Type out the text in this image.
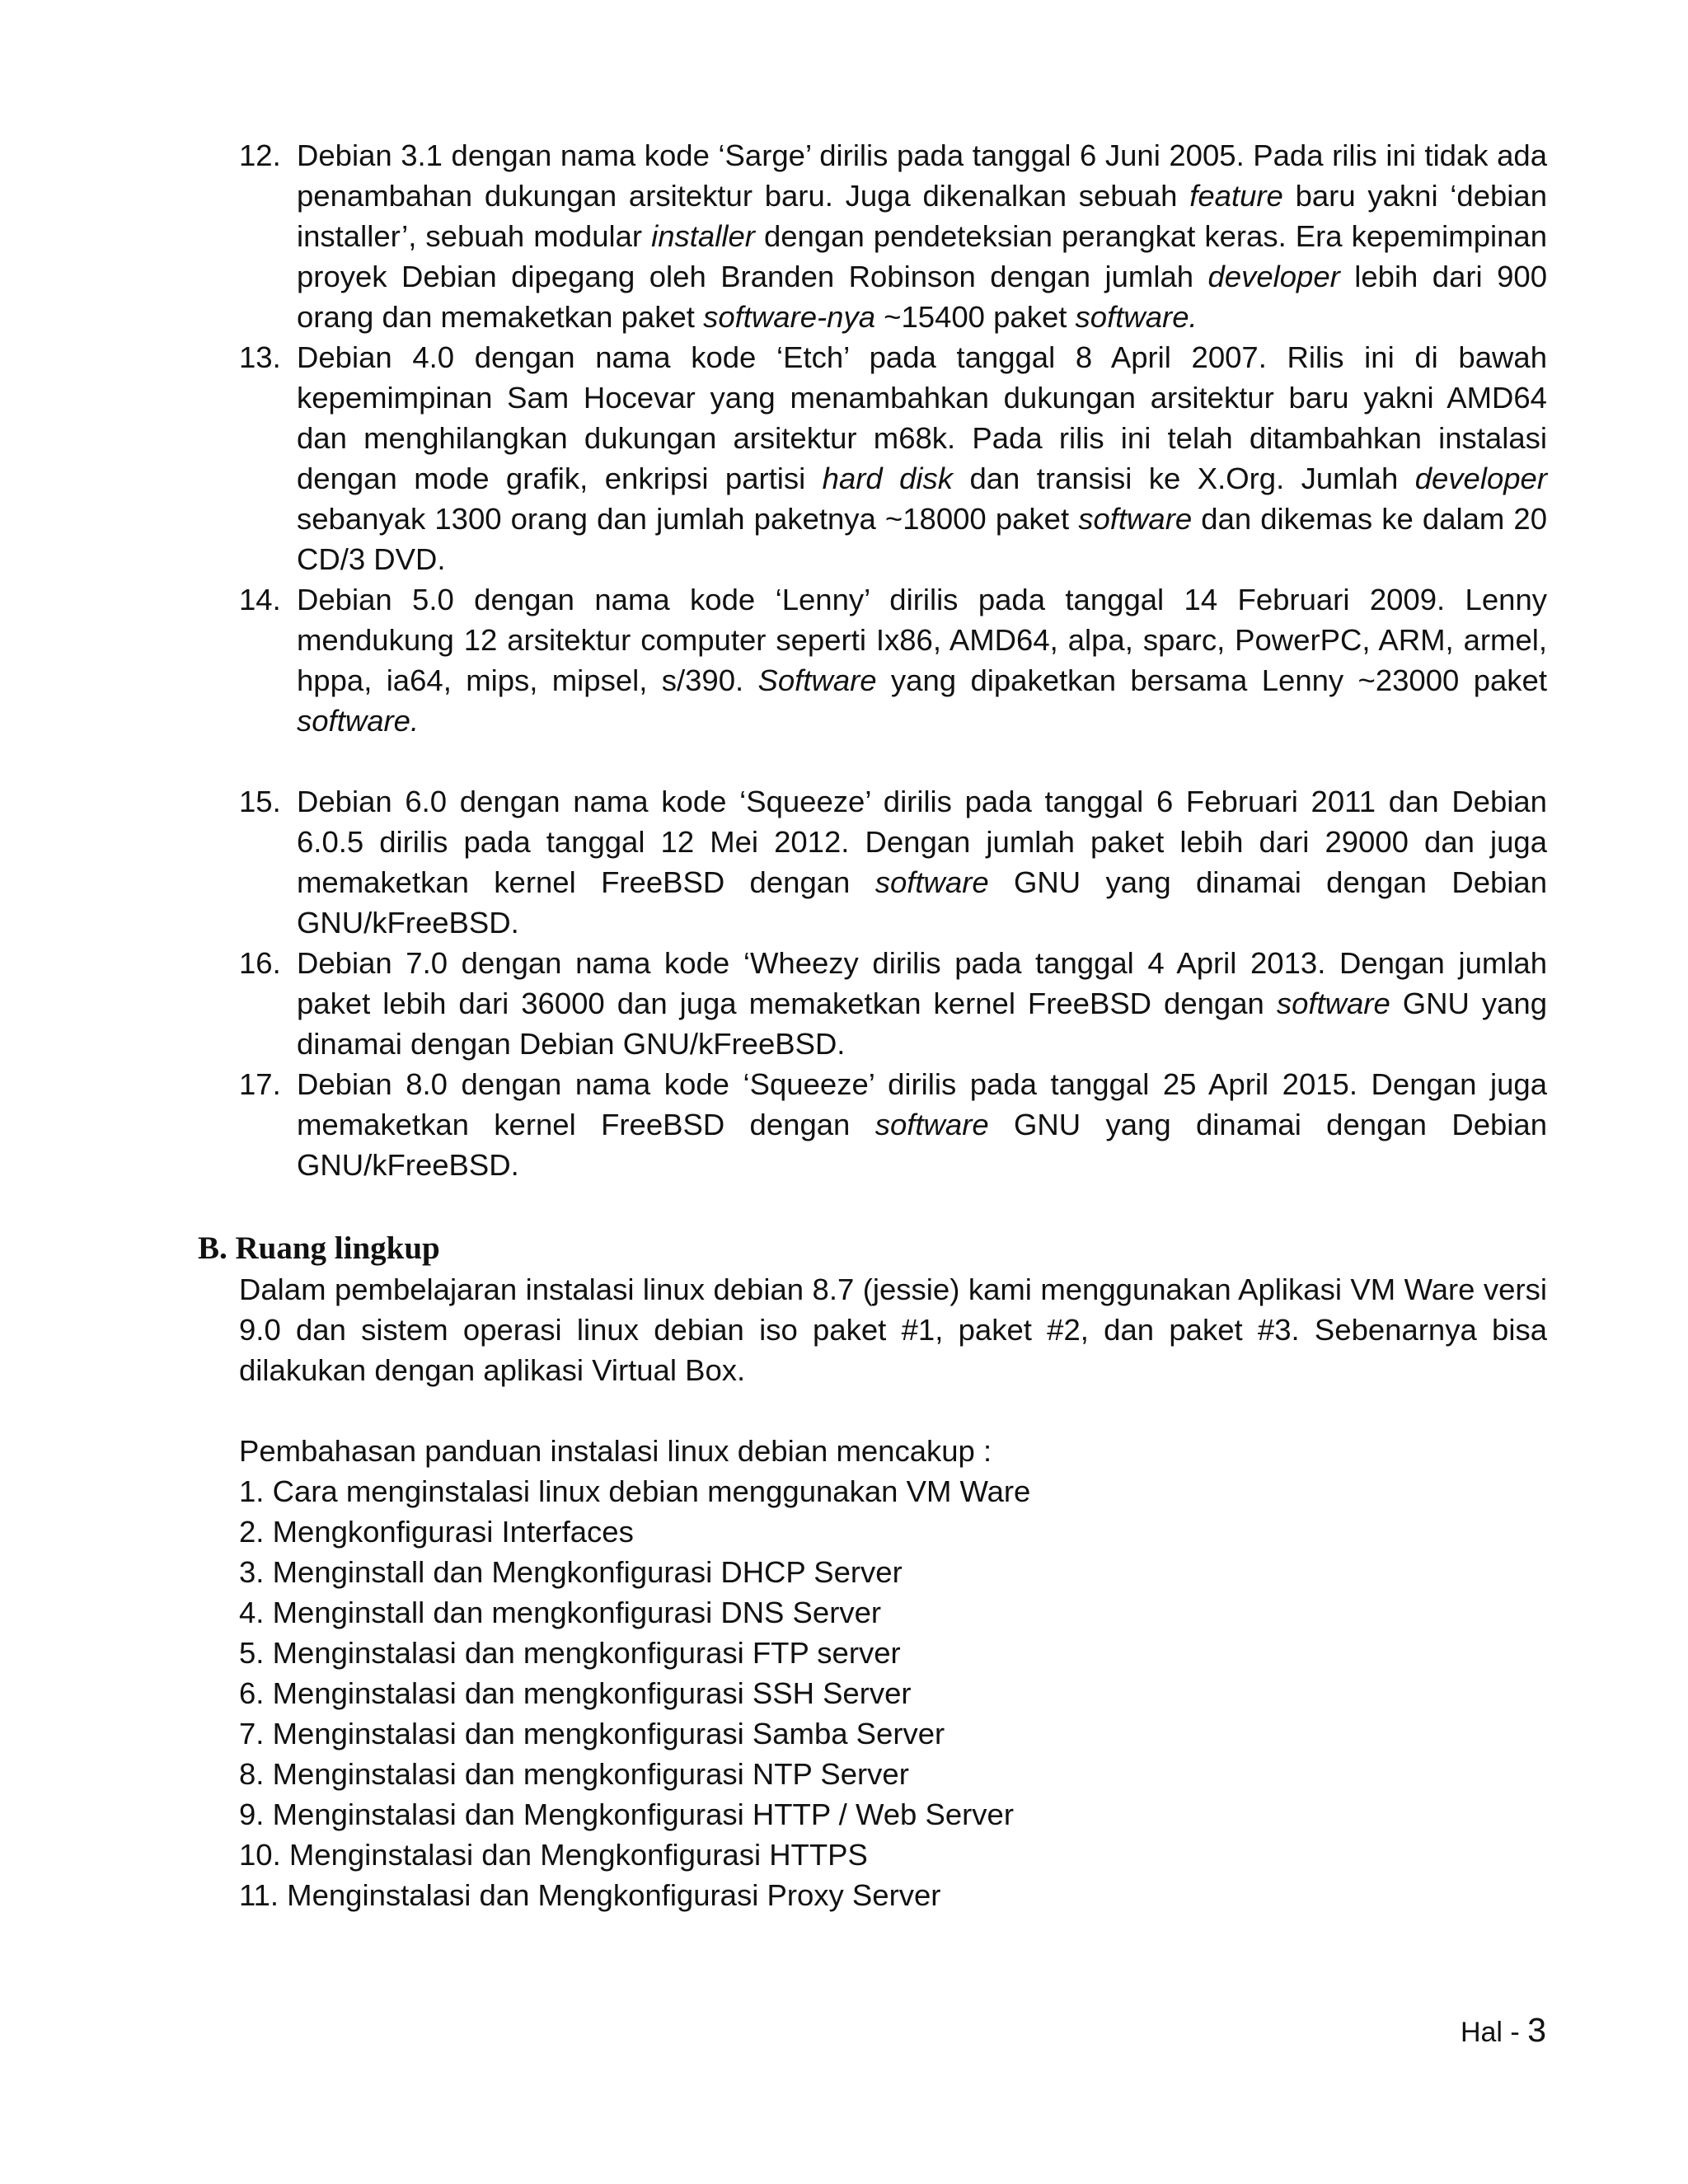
12. Debian 3.1 dengan nama kode ‘Sarge’ dirilis pada tanggal 6 Juni 2005. Pada rilis ini tidak ada penambahan dukungan arsitektur baru. Juga dikenalkan sebuah feature baru yakni ‘debian installer’, sebuah modular installer dengan pendeteksian perangkat keras. Era kepemimpinan proyek Debian dipegang oleh Branden Robinson dengan jumlah developer lebih dari 900 orang dan memaketkan paket software-nya ~15400 paket software.
13. Debian 4.0 dengan nama kode ‘Etch’ pada tanggal 8 April 2007. Rilis ini di bawah kepemimpinan Sam Hocevar yang menambahkan dukungan arsitektur baru yakni AMD64 dan menghilangkan dukungan arsitektur m68k. Pada rilis ini telah ditambahkan instalasi dengan mode grafik, enkripsi partisi hard disk dan transisi ke X.Org. Jumlah developer sebanyak 1300 orang dan jumlah paketnya ~18000 paket software dan dikemas ke dalam 20 CD/3 DVD.
14. Debian 5.0 dengan nama kode ‘Lenny’ dirilis pada tanggal 14 Februari 2009. Lenny mendukung 12 arsitektur computer seperti Ix86, AMD64, alpa, sparc, PowerPC, ARM, armel, hppa, ia64, mips, mipsel, s/390. Software yang dipaketkan bersama Lenny ~23000 paket software.
15. Debian 6.0 dengan nama kode ‘Squeeze’ dirilis pada tanggal 6 Februari 2011 dan Debian 6.0.5 dirilis pada tanggal 12 Mei 2012. Dengan jumlah paket lebih dari 29000 dan juga memaketkan kernel FreeBSD dengan software GNU yang dinamai dengan Debian GNU/kFreeBSD.
16. Debian 7.0 dengan nama kode ‘Wheezy dirilis pada tanggal 4 April 2013. Dengan jumlah paket lebih dari 36000 dan juga memaketkan kernel FreeBSD dengan software GNU yang dinamai dengan Debian GNU/kFreeBSD.
17. Debian 8.0 dengan nama kode ‘Squeeze’ dirilis pada tanggal 25 April 2015. Dengan juga memaketkan kernel FreeBSD dengan software GNU yang dinamai dengan Debian GNU/kFreeBSD.
B. Ruang lingkup

Dalam pembelajaran instalasi linux debian 8.7 (jessie) kami menggunakan Aplikasi VM Ware versi 9.0 dan sistem operasi linux debian iso paket #1, paket #2, dan paket #3. Sebenarnya bisa dilakukan dengan aplikasi Virtual Box.

Pembahasan panduan instalasi linux debian mencakup :

1. Cara menginstalasi linux debian menggunakan VM Ware
2. Mengkonfigurasi Interfaces
3. Menginstall dan Mengkonfigurasi DHCP Server
4. Menginstall dan mengkonfigurasi DNS Server
5. Menginstalasi dan mengkonfigurasi FTP server
6. Menginstalasi dan mengkonfigurasi SSH Server
7. Menginstalasi dan mengkonfigurasi Samba Server
8. Menginstalasi dan mengkonfigurasi NTP Server
9. Menginstalasi dan Mengkonfigurasi HTTP / Web Server
10. Menginstalasi dan Mengkonfigurasi HTTPS
11. Menginstalasi dan Mengkonfigurasi Proxy Server
Hal - 3
